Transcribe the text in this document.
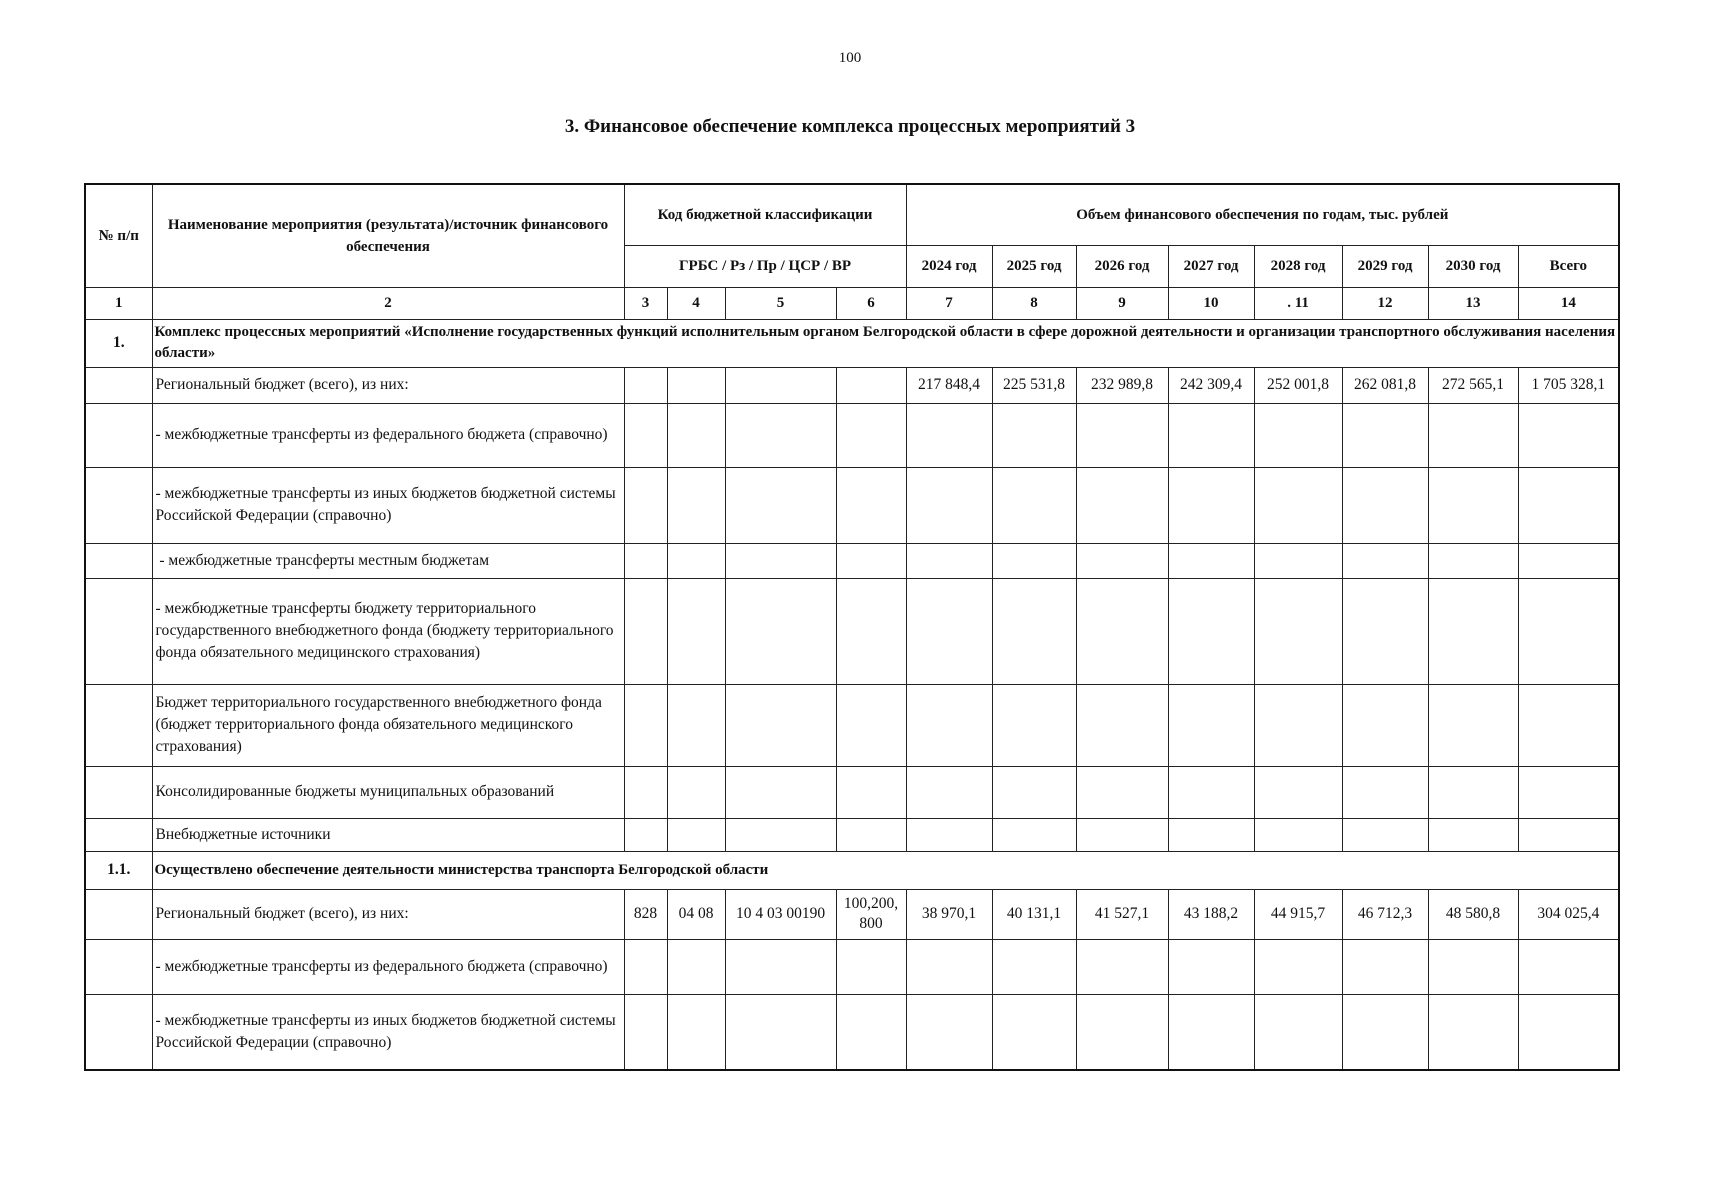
100
3. Финансовое обеспечение комплекса процессных мероприятий 3
№ п/п	Наименование мероприятия (результата)/источник финансового обеспечения	Код бюджетной классификации				Объем финансового обеспечения по годам, тыс. рублей							
		ГРБС / Рз / Пр / ЦСР / ВР				2024 год	2025 год	2026 год	2027 год	2028 год	2029 год	2030 год	Всего
1	2	3	4	5	6	7	8	9	10	. 11	12	13	14
1.	Комплекс процессных мероприятий «Исполнение государственных функций исполнительным органом Белгородской области в сфере дорожной деятельности и организации транспортного обслуживания населения области»												
	Региональный бюджет (всего), из них:					217 848,4	225 531,8	232 989,8	242 309,4	252 001,8	262 081,8	272 565,1	1 705 328,1
	- межбюджетные трансферты из федерального бюджета (справочно)												
	- межбюджетные трансферты из иных бюджетов бюджетной системы Российской Федерации (справочно)												
	- межбюджетные трансферты местным бюджетам												
	- межбюджетные трансферты бюджету территориального государственного внебюджетного фонда (бюджету территориального фонда обязательного медицинского страхования)												
	Бюджет территориального государственного внебюджетного фонда (бюджет территориального фонда обязательного медицинского страхования)												
	Консолидированные бюджеты муниципальных образований												
	Внебюджетные источники												
1.1.	Осуществлено обеспечение деятельности министерства транспорта Белгородской области												
	Региональный бюджет (всего), из них:	828	04 08	10 4 03 00190	100,200, 800	38 970,1	40 131,1	41 527,1	43 188,2	44 915,7	46 712,3	48 580,8	304 025,4
	- межбюджетные трансферты из федерального бюджета (справочно)												
	- межбюджетные трансферты из иных бюджетов бюджетной системы Российской Федерации (справочно)												
